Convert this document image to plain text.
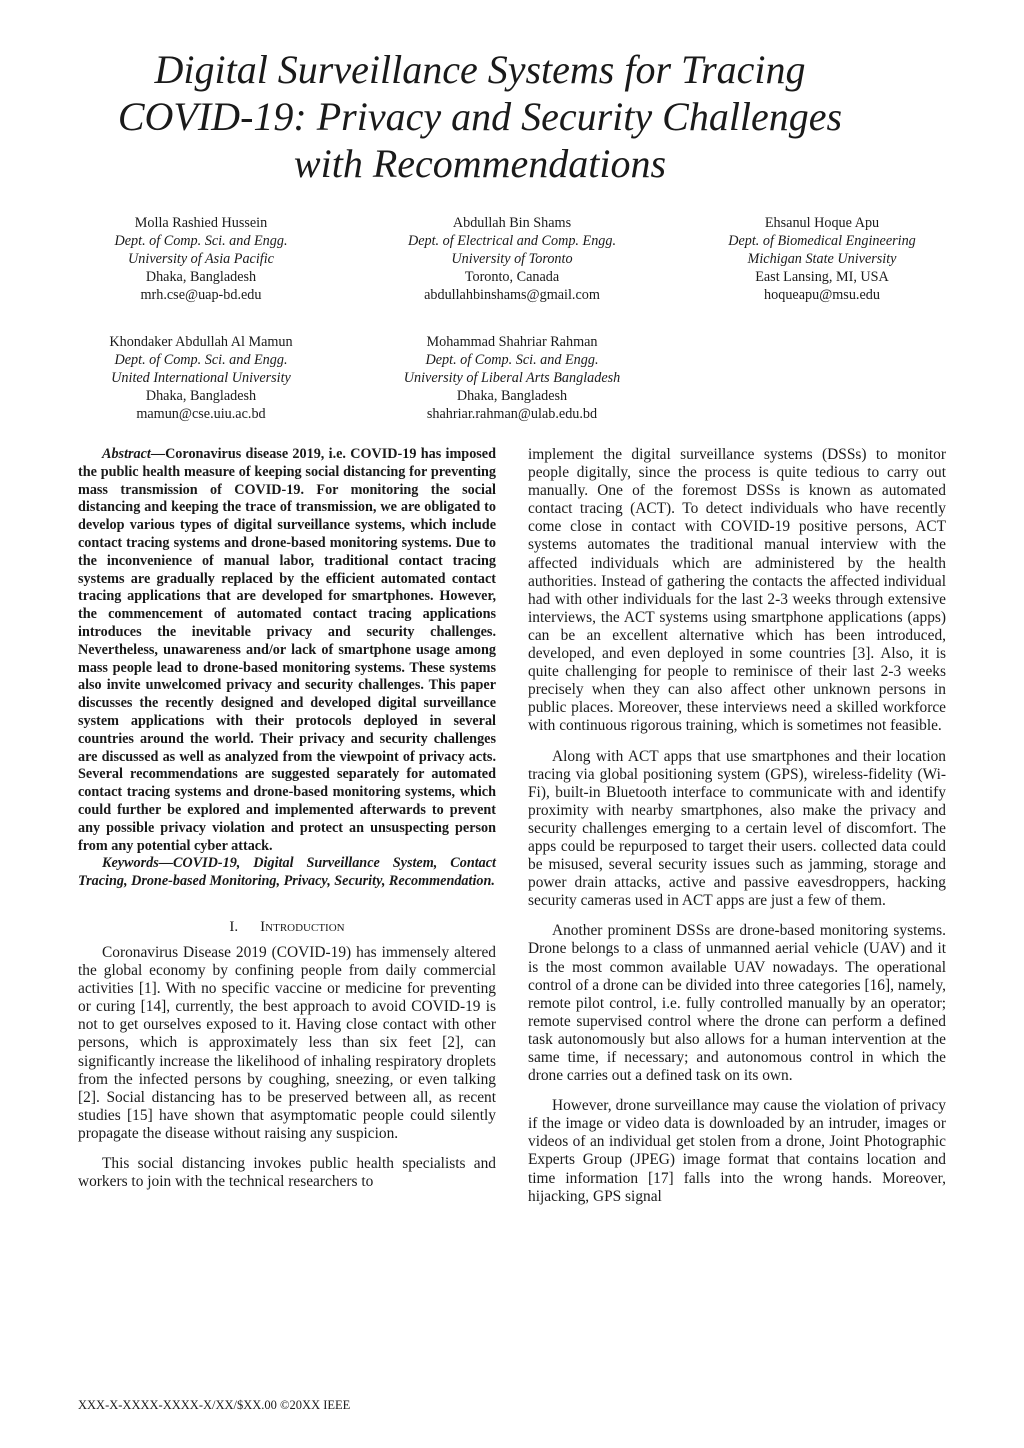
Digital Surveillance Systems for Tracing
COVID-19: Privacy and Security Challenges
with Recommendations
Molla Rashied Hussein
Dept. of Comp. Sci. and Engg.
University of Asia Pacific
Dhaka, Bangladesh
mrh.cse@uap-bd.edu
Abdullah Bin Shams
Dept. of Electrical and Comp. Engg.
University of Toronto
Toronto, Canada
abdullahbinshams@gmail.com
Ehsanul Hoque Apu
Dept. of Biomedical Engineering
Michigan State University
East Lansing, MI, USA
hoqueapu@msu.edu
Khondaker Abdullah Al Mamun
Dept. of Comp. Sci. and Engg.
United International University
Dhaka, Bangladesh
mamun@cse.uiu.ac.bd
Mohammad Shahriar Rahman
Dept. of Comp. Sci. and Engg.
University of Liberal Arts Bangladesh
Dhaka, Bangladesh
shahriar.rahman@ulab.edu.bd

Abstract—Coronavirus disease 2019, i.e. COVID-19 has imposed the public health measure of keeping social distancing for preventing mass transmission of COVID-19. For monitoring the social distancing and keeping the trace of transmission, we are obligated to develop various types of digital surveillance systems, which include contact tracing systems and drone-based monitoring systems. Due to the inconvenience of manual labor, traditional contact tracing systems are gradually replaced by the efficient automated contact tracing applications that are developed for smartphones. However, the commencement of automated contact tracing applications introduces the inevitable privacy and security challenges. Nevertheless, unawareness and/or lack of smartphone usage among mass people lead to drone-based monitoring systems. These systems also invite unwelcomed privacy and security challenges. This paper discusses the recently designed and developed digital surveillance system applications with their protocols deployed in several countries around the world. Their privacy and security challenges are discussed as well as analyzed from the viewpoint of privacy acts. Several recommendations are suggested separately for automated contact tracing systems and drone-based monitoring systems, which could further be explored and implemented afterwards to prevent any possible privacy violation and protect an unsuspecting person from any potential cyber attack.

Keywords—COVID-19, Digital Surveillance System, Contact Tracing, Drone-based Monitoring, Privacy, Security, Recommendation.

I. Introduction

Coronavirus Disease 2019 (COVID-19) has immensely altered the global economy by confining people from daily commercial activities [1]. With no specific vaccine or medicine for preventing or curing [14], currently, the best approach to avoid COVID-19 is not to get ourselves exposed to it. Having close contact with other persons, which is approximately less than six feet [2], can significantly increase the likelihood of inhaling respiratory droplets from the infected persons by coughing, sneezing, or even talking [2]. Social distancing has to be preserved between all, as recent studies [15] have shown that asymptomatic people could silently propagate the disease without raising any suspicion.

This social distancing invokes public health specialists and workers to join with the technical researchers to

implement the digital surveillance systems (DSSs) to monitor people digitally, since the process is quite tedious to carry out manually. One of the foremost DSSs is known as automated contact tracing (ACT). To detect individuals who have recently come close in contact with COVID-19 positive persons, ACT systems automates the traditional manual interview with the affected individuals which are administered by the health authorities. Instead of gathering the contacts the affected individual had with other individuals for the last 2-3 weeks through extensive interviews, the ACT systems using smartphone applications (apps) can be an excellent alternative which has been introduced, developed, and even deployed in some countries [3]. Also, it is quite challenging for people to reminisce of their last 2-3 weeks precisely when they can also affect other unknown persons in public places. Moreover, these interviews need a skilled workforce with continuous rigorous training, which is sometimes not feasible.

Along with ACT apps that use smartphones and their location tracing via global positioning system (GPS), wireless-fidelity (Wi-Fi), built-in Bluetooth interface to communicate with and identify proximity with nearby smartphones, also make the privacy and security challenges emerging to a certain level of discomfort. The apps could be repurposed to target their users. collected data could be misused, several security issues such as jamming, storage and power drain attacks, active and passive eavesdroppers, hacking security cameras used in ACT apps are just a few of them.

Another prominent DSSs are drone-based monitoring systems. Drone belongs to a class of unmanned aerial vehicle (UAV) and it is the most common available UAV nowadays. The operational control of a drone can be divided into three categories [16], namely, remote pilot control, i.e. fully controlled manually by an operator; remote supervised control where the drone can perform a defined task autonomously but also allows for a human intervention at the same time, if necessary; and autonomous control in which the drone carries out a defined task on its own.

However, drone surveillance may cause the violation of privacy if the image or video data is downloaded by an intruder, images or videos of an individual get stolen from a drone, Joint Photographic Experts Group (JPEG) image format that contains location and time information [17] falls into the wrong hands. Moreover, hijacking, GPS signal

XXX-X-XXXX-XXXX-X/XX/$XX.00 ©20XX IEEE
